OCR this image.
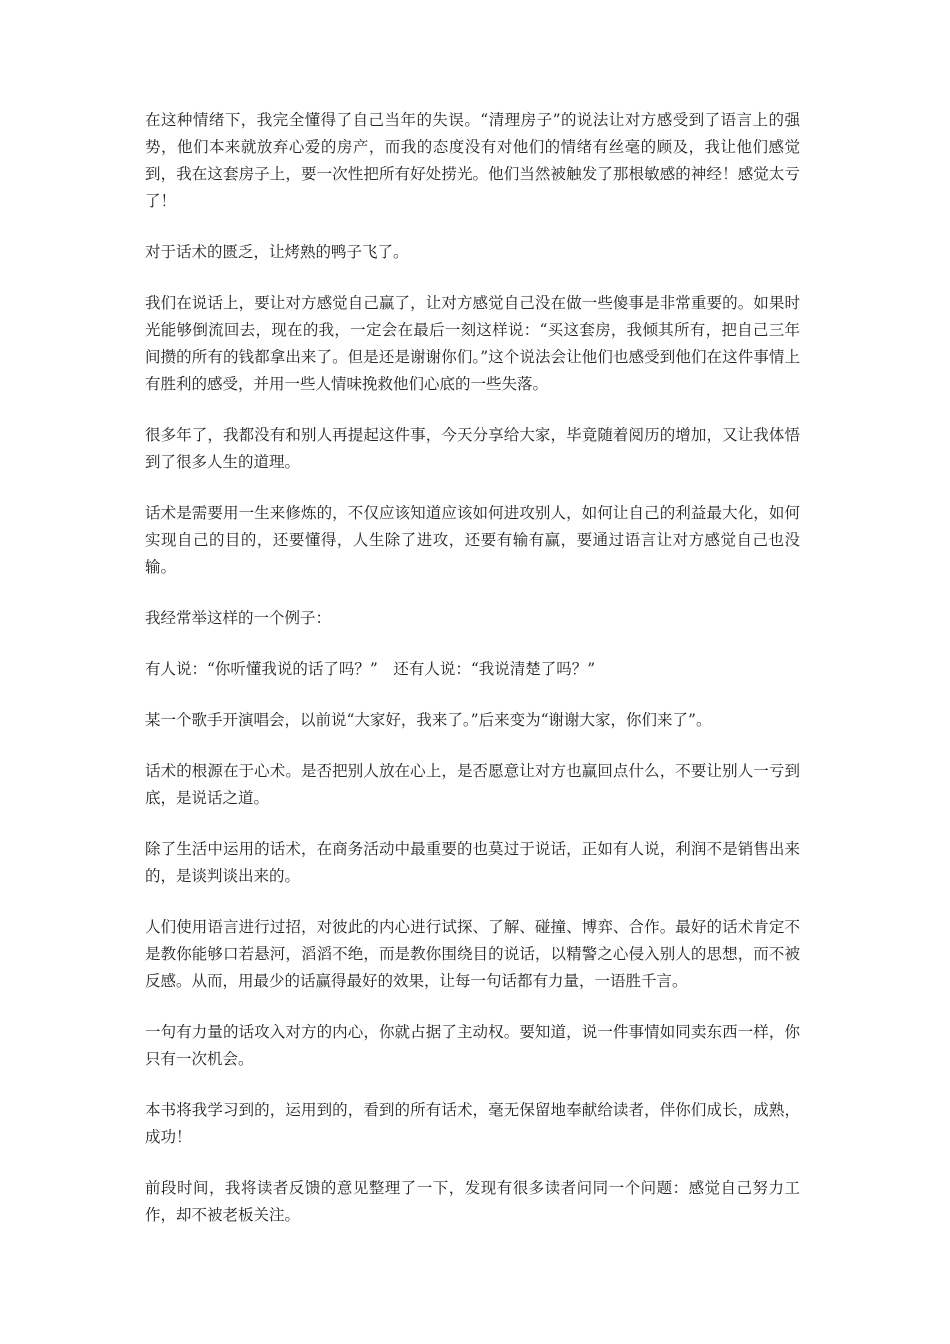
在这种情绪下，我完全懂得了自己当年的失误。“清理房子”的说法让对方感受到了语言上的强势，他们本来就放弃心爱的房产，而我的态度没有对他们的情绪有丝毫的顾及，我让他们感觉到，我在这套房子上，要一次性把所有好处捞光。他们当然被触发了那根敏感的神经！感觉太亏了！

对于话术的匮乏，让烤熟的鸭子飞了。

我们在说话上，要让对方感觉自己赢了，让对方感觉自己没在做一些傻事是非常重要的。如果时光能够倒流回去，现在的我，一定会在最后一刻这样说：“买这套房，我倾其所有，把自己三年间攒的所有的钱都拿出来了。但是还是谢谢你们。”这个说法会让他们也感受到他们在这件事情上有胜利的感受，并用一些人情味挽救他们心底的一些失落。

很多年了，我都没有和别人再提起这件事，今天分享给大家，毕竟随着阅历的增加，又让我体悟到了很多人生的道理。

话术是需要用一生来修炼的，不仅应该知道应该如何进攻别人，如何让自己的利益最大化，如何实现自己的目的，还要懂得，人生除了进攻，还要有输有赢，要通过语言让对方感觉自己也没输。

我经常举这样的一个例子：

有人说：“你听懂我说的话了吗？”　还有人说：“我说清楚了吗？”

某一个歌手开演唱会，以前说“大家好，我来了。”后来变为“谢谢大家，你们来了”。

话术的根源在于心术。是否把别人放在心上，是否愿意让对方也赢回点什么，不要让别人一亏到底，是说话之道。

除了生活中运用的话术，在商务活动中最重要的也莫过于说话，正如有人说，利润不是销售出来的，是谈判谈出来的。

人们使用语言进行过招，对彼此的内心进行试探、了解、碰撞、博弈、合作。最好的话术肯定不是教你能够口若悬河，滔滔不绝，而是教你围绕目的说话，以精警之心侵入别人的思想，而不被反感。从而，用最少的话赢得最好的效果，让每一句话都有力量，一语胜千言。

一句有力量的话攻入对方的内心，你就占据了主动权。要知道，说一件事情如同卖东西一样，你只有一次机会。

本书将我学习到的，运用到的，看到的所有话术，毫无保留地奉献给读者，伴你们成长，成熟，成功！

前段时间，我将读者反馈的意见整理了一下，发现有很多读者问同一个问题：感觉自己努力工作，却不被老板关注。
